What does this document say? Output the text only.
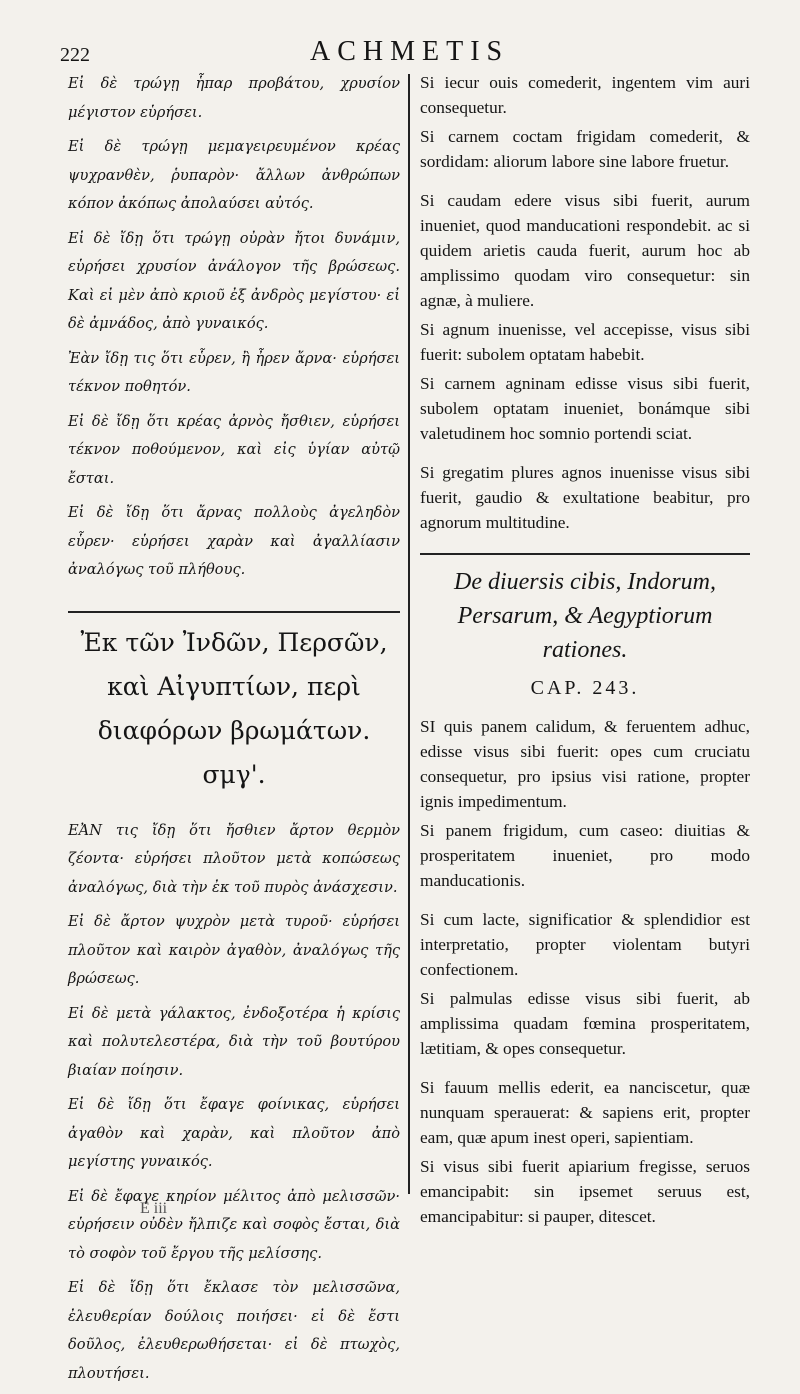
222	ACHMETIS

Εἰ δὲ τρώγῃ ἧπαρ προβάτου, χρυσίον μέγιστον εὑρήσει.

Εἰ δὲ τρώγῃ μεμαγειρευμένον κρέας ψυχρανθὲν, ῥυπαρὸν· ἄλλων ἀνθρώπων κόπον ἀκόπως ἀπολαύσει αὐτός.

Εἰ δὲ ἴδῃ ὅτι τρώγῃ οὐρὰν ἤτοι δυνάμιν, εὑρήσει χρυσίον ἀνάλογον τῆς βρώσεως. Καὶ εἰ μὲν ἀπὸ κριοῦ ἐξ ἀνδρὸς μεγίστου· εἰ δὲ ἀμνάδος, ἀπὸ γυναικός.

Ἐὰν ἴδῃ τις ὅτι εὗρεν, ἢ ἦρεν ἄρνα· εὑρήσει τέκνον ποθητόν.

Εἰ δὲ ἴδῃ ὅτι κρέας ἀρνὸς ἤσθιεν, εὑρήσει τέκνον ποθούμενον, καὶ εἰς ὑγίαν αὐτῷ ἔσται.

Εἰ δὲ ἴδῃ ὅτι ἄρνας πολλοὺς ἀγεληδὸν εὗρεν· εὑρήσει χαρὰν καὶ ἀγαλλίασιν ἀναλόγως τοῦ πλήθους.

Ἐκ τῶν Ἰνδῶν, Περσῶν, καὶ Αἰγυπτίων, περὶ διαφόρων βρωμάτων. σμγ'.

ΕἈΝ τις ἴδῃ ὅτι ἤσθιεν ἄρτον θερμὸν ζέοντα· εὑρήσει πλοῦτον μετὰ κοπώσεως ἀναλόγως, διὰ τὴν ἐκ τοῦ πυρὸς ἀνάσχεσιν.

Εἰ δὲ ἄρτον ψυχρὸν μετὰ τυροῦ· εὑρήσει πλοῦτον καὶ καιρὸν ἀγαθὸν, ἀναλόγως τῆς βρώσεως.

Εἰ δὲ μετὰ γάλακτος, ἐνδοξοτέρα ἡ κρίσις καὶ πολυτελεστέρα, διὰ τὴν τοῦ βουτύρου βιαίαν ποίησιν.

Εἰ δὲ ἴδῃ ὅτι ἔφαγε φοίνικας, εὑρήσει ἀγαθὸν καὶ χαρὰν, καὶ πλοῦτον ἀπὸ μεγίστης γυναικός.

Εἰ δὲ ἔφαγε κηρίον μέλιτος ἀπὸ μελισσῶν· εὑρήσειν οὐδὲν ἤλπιζε καὶ σοφὸς ἔσται, διὰ τὸ σοφὸν τοῦ ἔργου τῆς μελίσσης.

Εἰ δὲ ἴδῃ ὅτι ἔκλασε τὸν μελισσῶνα, ἐλευθερίαν δούλοις ποιήσει· εἰ δὲ ἔστι δοῦλος, ἐλευθερωθήσεται· εἰ δὲ πτωχὸς, πλουτήσει.

Si iecur ouis comederit, ingentem vim auri consequetur.

Si carnem coctam frigidam comederit, & sordidam: aliorum labore sine labore fruetur.

Si caudam edere visus sibi fuerit, aurum inueniet, quod manducationi respondebit. ac si quidem arietis cauda fuerit, aurum hoc ab amplissimo quodam viro consequetur: sin agnæ, à muliere.

Si agnum inuenisse, vel accepisse, visus sibi fuerit: subolem optatam habebit.

Si carnem agninam edisse visus sibi fuerit, subolem optatam inueniet, bonámque sibi valetudinem hoc somnio portendi sciat.

Si gregatim plures agnos inuenisse visus sibi fuerit, gaudio & exultatione beabitur, pro agnorum multitudine.

De diuersis cibis, Indorum, Persarum, & Aegyptiorum rationes.
CAP. 243.

SI quis panem calidum, & feruentem adhuc, edisse visus sibi fuerit: opes cum cruciatu consequetur, pro ipsius visi ratione, propter ignis impedimentum.

Si panem frigidum, cum caseo: diuitias & prosperitatem inueniet, pro modo manducationis.

Si cum lacte, significatior & splendidior est interpretatio, propter violentam butyri confectionem.

Si palmulas edisse visus sibi fuerit, ab amplissima quadam fœmina prosperitatem, lætitiam, & opes consequetur.

Si fauum mellis ederit, ea nanciscetur, quæ nunquam sperauerat: & sapiens erit, propter eam, quæ apum inest operi, sapientiam.

Si visus sibi fuerit apiarium fregisse, seruos emancipabit: sin ipsemet seruus est, emancipabitur: si pauper, ditescet.

E iii
